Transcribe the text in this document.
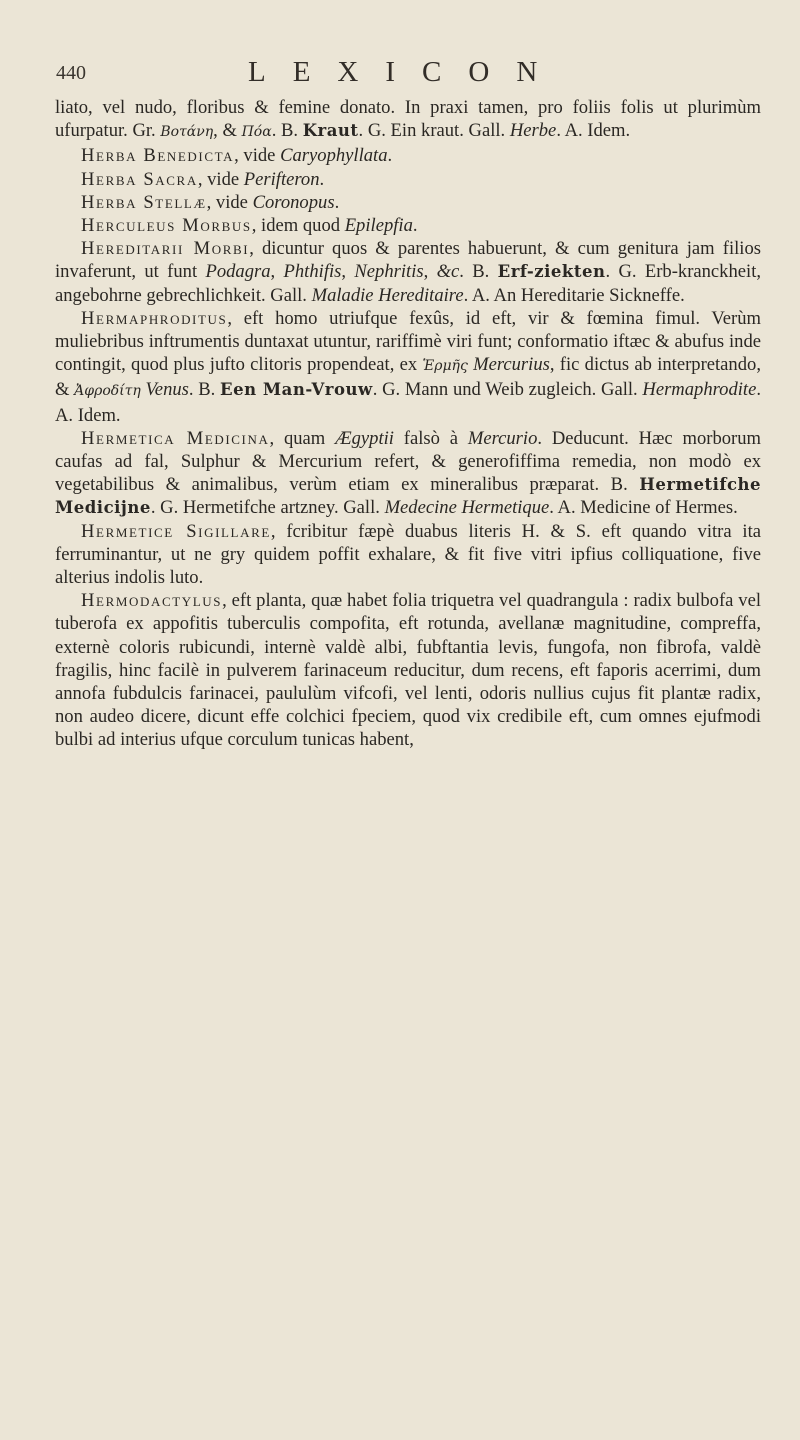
440	LEXICON

liato, vel nudo, floribus & femine donato. In praxi tamen, pro foliis folis ut plurimùm ufurpatur. Gr. Βοτάνη, & Πόα. B. Kraut. G. Ein kraut. Gall. Herbe. A. Idem.

Herba Benedicta, vide Caryophyllata.

Herba Sacra, vide Perifteron.

Herba Stellæ, vide Coronopus.

Herculeus Morbus, idem quod Epilepfia.

Hereditarii Morbi, dicuntur quos & parentes habuerunt, & cum genitura jam filios invaferunt, ut funt Podagra, Phthifis, Nephritis, &c. B. Erf-ziekten. G. Erb-kranckheit, angebohrne gebrechlichkeit. Gall. Maladie Hereditaire. A. An Hereditarie Sickneffe.

Hermaphroditus, eft homo utriufque fexûs, id eft, vir & fœmina fimul. Verùm muliebribus inftrumentis duntaxat utuntur, rariffimè viri funt; conformatio iftæc & abufus inde contingit, quod plus jufto clitoris propendeat, ex Ἑρμῆς Mercurius, fic dictus ab interpretando, & Ἀφροδίτη Venus. B. Een Man-Vrouw. G. Mann und Weib zugleich. Gall. Hermaphrodite. A. Idem.

Hermetica Medicina, quam Ægyptii falsò à Mercurio. Deducunt. Hæc morborum caufas ad fal, Sulphur & Mercurium refert, & generofiffima remedia, non modò ex vegetabilibus & animalibus, verùm etiam ex mineralibus præparat. B. Hermetifche Medicijne. G. Hermetifche artzney. Gall. Medecine Hermetique. A. Medicine of Hermes.

Hermetice Sigillare, fcribitur fæpè duabus literis H. & S. eft quando vitra ita ferruminantur, ut ne gry quidem poffit exhalare, & fit five vitri ipfius colliquatione, five alterius indolis luto.

Hermodactylus, eft planta, quæ habet folia triquetra vel quadrangula : radix bulbofa vel tuberofa ex appofitis tuberculis compofita, eft rotunda, avellanæ magnitudine, compreffa, externè coloris rubicundi, internè valdè albi, fubftantia levis, fungofa, non fibrofa, valdè fragilis, hinc facilè in pulverem farinaceum reducitur, dum recens, eft faporis acerrimi, dum annofa fubdulcis farinacei, paululùm vifcofi, vel lenti, odoris nullius cujus fit plantæ radix, non audeo dicere, dicunt effe colchici fpeciem, quod vix credibile eft, cum omnes ejufmodi bulbi ad interius ufque corculum tunicas habent,
